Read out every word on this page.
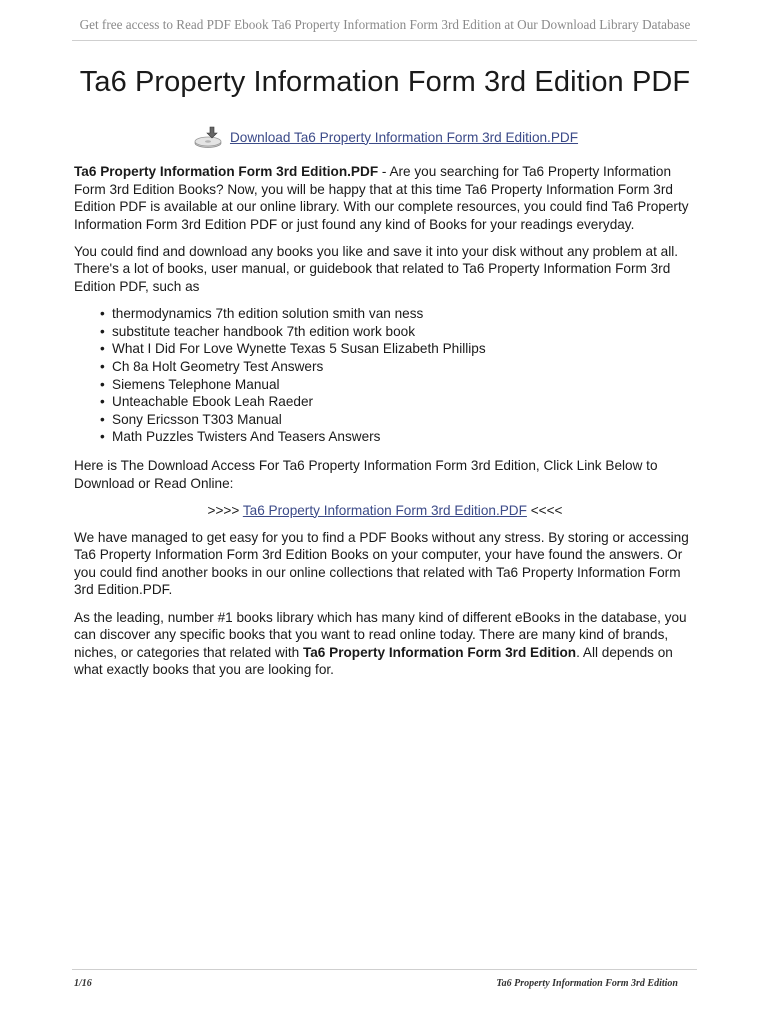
Get free access to Read PDF Ebook Ta6 Property Information Form 3rd Edition at Our Download Library Database
Ta6 Property Information Form 3rd Edition PDF
Download Ta6 Property Information Form 3rd Edition.PDF

Ta6 Property Information Form 3rd Edition.PDF - Are you searching for Ta6 Property Information Form 3rd Edition Books? Now, you will be happy that at this time Ta6 Property Information Form 3rd Edition PDF is available at our online library. With our complete resources, you could find Ta6 Property Information Form 3rd Edition PDF or just found any kind of Books for your readings everyday.

You could find and download any books you like and save it into your disk without any problem at all. There's a lot of books, user manual, or guidebook that related to Ta6 Property Information Form 3rd Edition PDF, such as

• thermodynamics 7th edition solution smith van ness
• substitute teacher handbook 7th edition work book
• What I Did For Love Wynette Texas 5 Susan Elizabeth Phillips
• Ch 8a Holt Geometry Test Answers
• Siemens Telephone Manual
• Unteachable Ebook Leah Raeder
• Sony Ericsson T303 Manual
• Math Puzzles Twisters And Teasers Answers

Here is The Download Access For Ta6 Property Information Form 3rd Edition, Click Link Below to Download or Read Online:

>>>> Ta6 Property Information Form 3rd Edition.PDF <<<<

We have managed to get easy for you to find a PDF Books without any stress. By storing or accessing Ta6 Property Information Form 3rd Edition Books on your computer, your have found the answers. Or you could find another books in our online collections that related with Ta6 Property Information Form 3rd Edition.PDF.

As the leading, number #1 books library which has many kind of different eBooks in the database, you can discover any specific books that you want to read online today. There are many kind of brands, niches, or categories that related with Ta6 Property Information Form 3rd Edition. All depends on what exactly books that you are looking for.

1/16	Ta6 Property Information Form 3rd Edition
